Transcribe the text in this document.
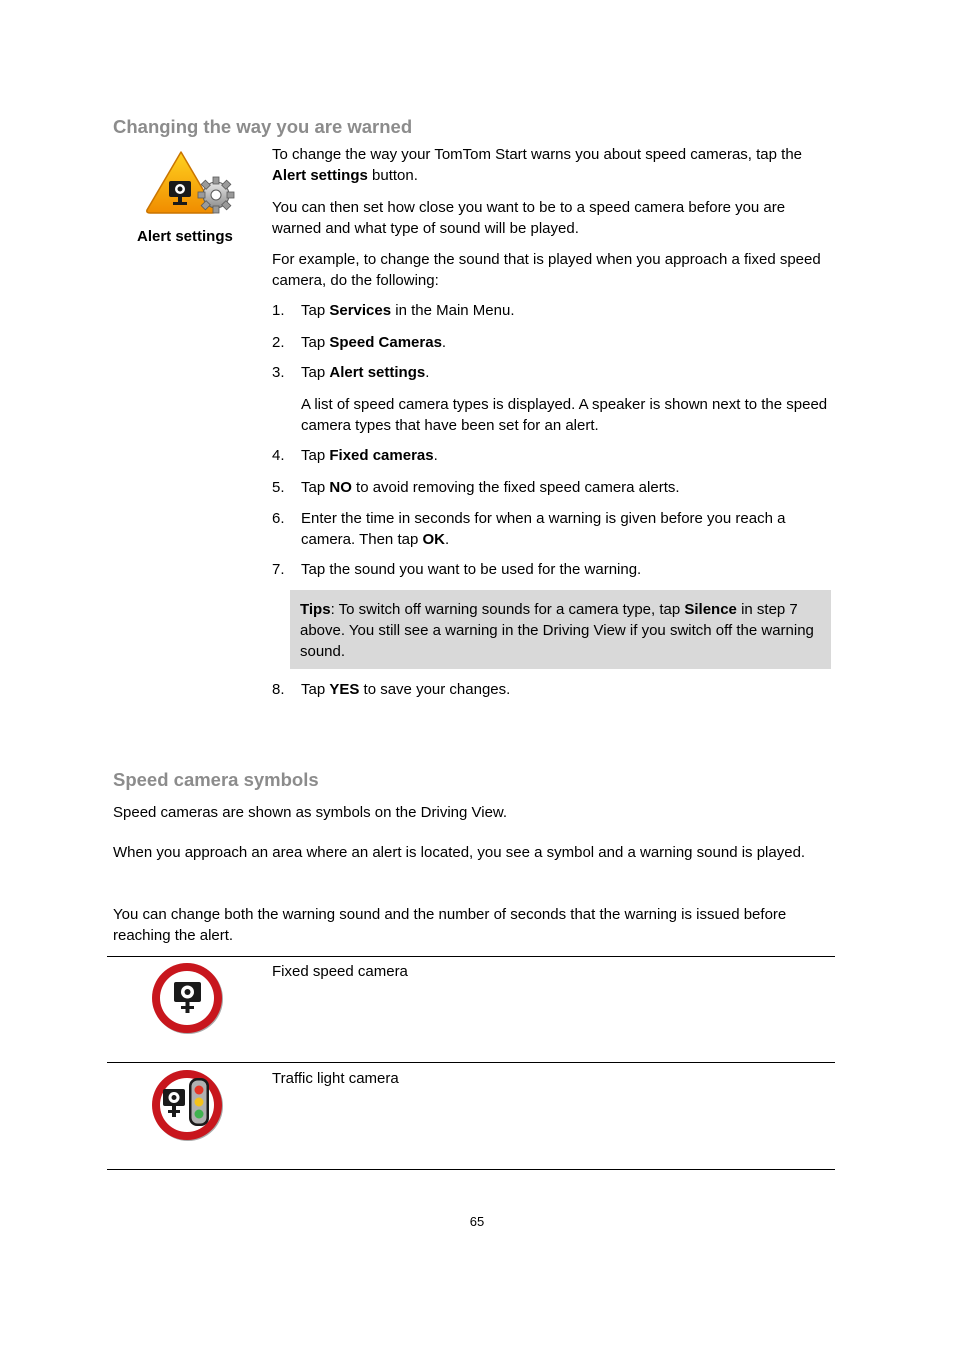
Changing the way you are warned
Alert settings
To change the way your TomTom Start warns you about speed cameras, tap the Alert settings button.
You can then set how close you want to be to a speed camera before you are warned and what type of sound will be played.
For example, to change the sound that is played when you approach a fixed speed camera, do the following:
1.	Tap Services in the Main Menu.
2.	Tap Speed Cameras.
3.	Tap Alert settings.
A list of speed camera types is displayed. A speaker is shown next to the speed camera types that have been set for an alert.
4.	Tap Fixed cameras.
5.	Tap NO to avoid removing the fixed speed camera alerts.
6.	Enter the time in seconds for when a warning is given before you reach a camera. Then tap OK.
7.	Tap the sound you want to be used for the warning.
Tips: To switch off warning sounds for a camera type, tap Silence in step 7 above. You still see a warning in the Driving View if you switch off the warning sound.
8.	Tap YES to save your changes.
Speed camera symbols
Speed cameras are shown as symbols on the Driving View.
When you approach an area where an alert is located, you see a symbol and a warning sound is played.
You can change both the warning sound and the number of seconds that the warning is issued before reaching the alert.
Fixed speed camera
Traffic light camera
65
